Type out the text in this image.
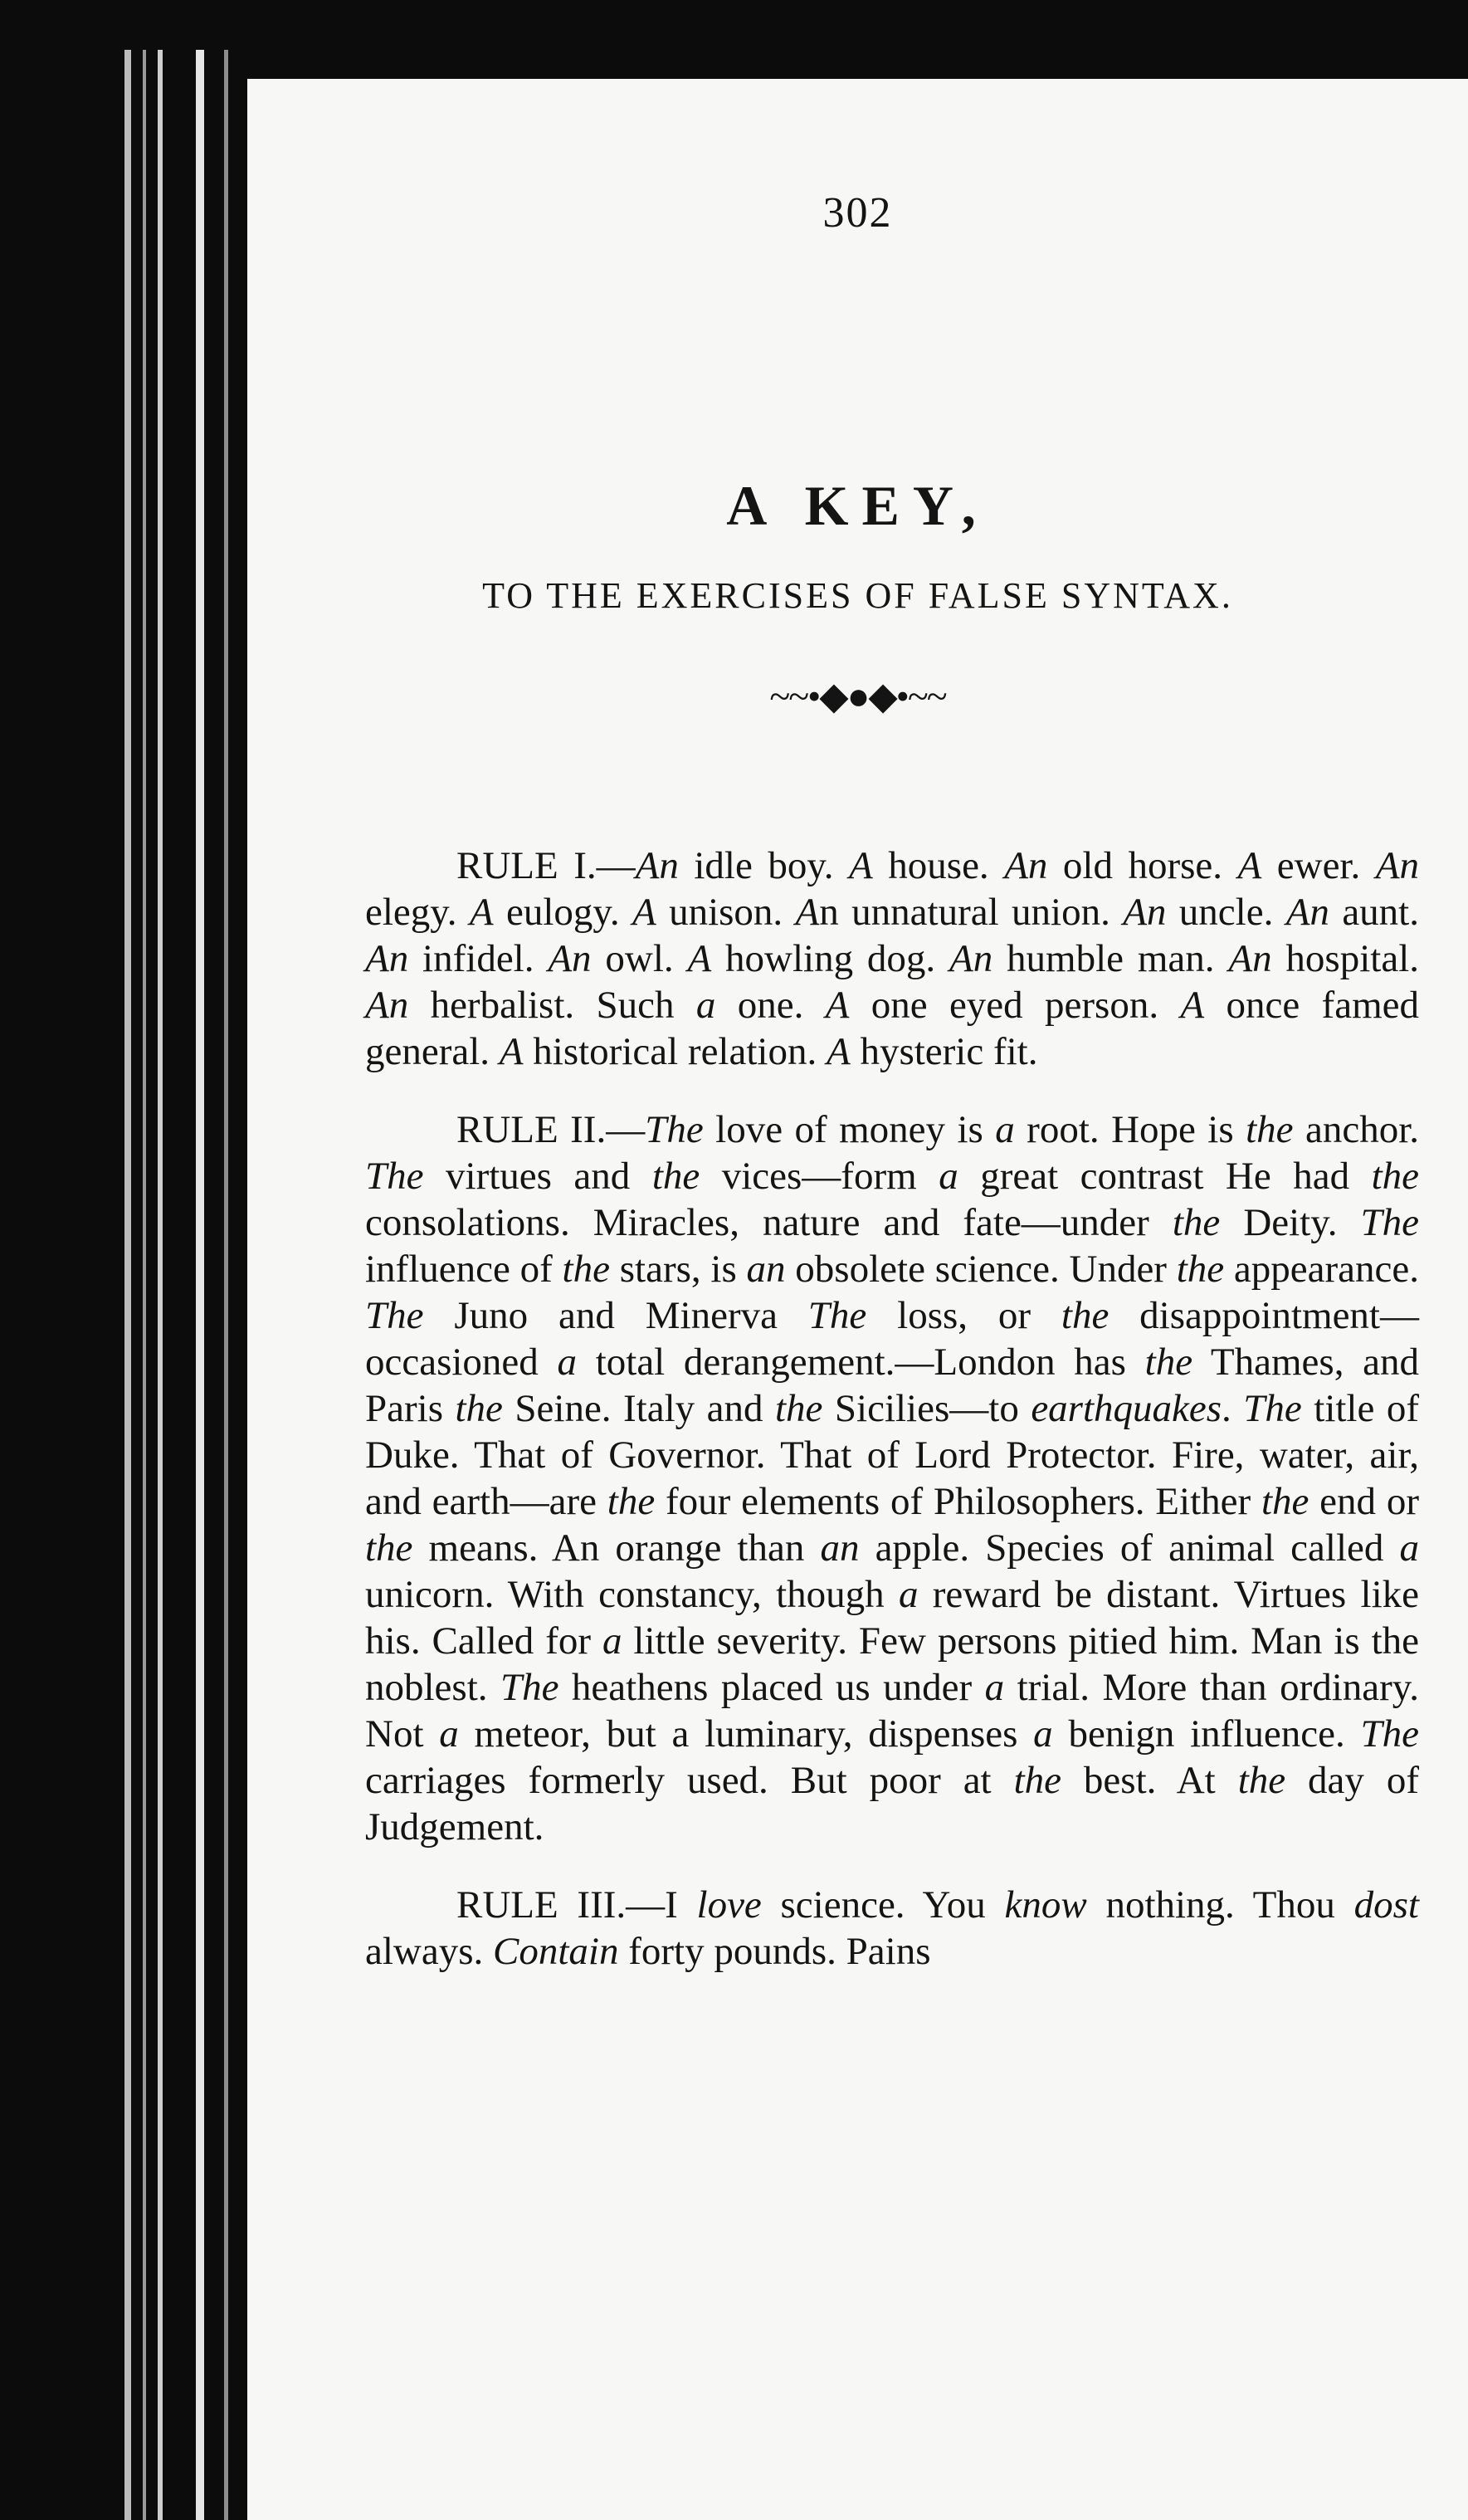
302
A KEY,
TO THE EXERCISES OF FALSE SYNTAX.
~~•◆●◆•~~

RULE I.—An idle boy. A house. An old horse. A ewer. An elegy. A eulogy. A unison. An unnatural union. An uncle. An aunt. An infidel. An owl. A howling dog. An humble man. An hospital. An herbalist. Such a one. A one eyed person. A once famed general. A historical relation. A hysteric fit.

RULE II.—The love of money is a root. Hope is the anchor. The virtues and the vices—form a great contrast He had the consolations. Miracles, nature and fate—under the Deity. The influence of the stars, is an obsolete science. Under the appearance. The Juno and Minerva The loss, or the disappointment—occasioned a total derangement.—London has the Thames, and Paris the Seine. Italy and the Sicilies—to earthquakes. The title of Duke. That of Governor. That of Lord Protector. Fire, water, air, and earth—are the four elements of Philosophers. Either the end or the means. An orange than an apple. Species of animal called a unicorn. With constancy, though a reward be distant. Virtues like his. Called for a little severity. Few persons pitied him. Man is the noblest. The heathens placed us under a trial. More than ordinary. Not a meteor, but a luminary, dispenses a benign influence. The carriages formerly used. But poor at the best. At the day of Judgement.

RULE III.—I love science. You know nothing. Thou dost always. Contain forty pounds. Pains
